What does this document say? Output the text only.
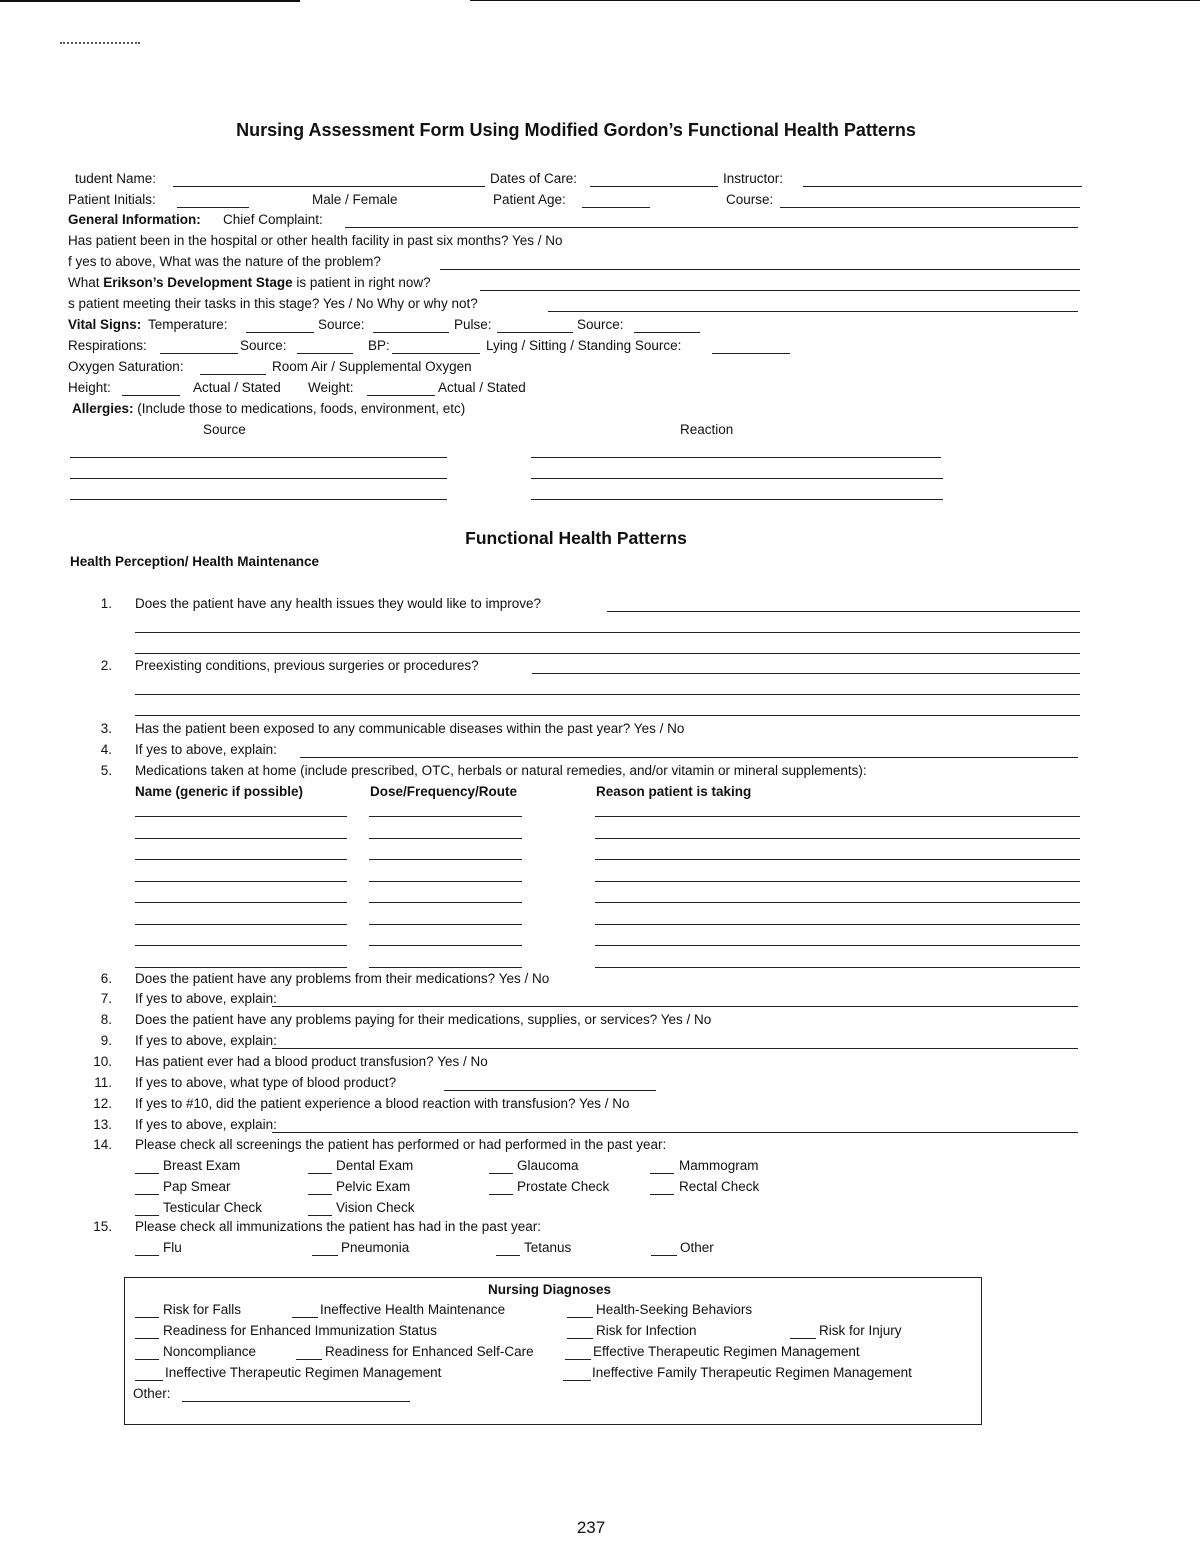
Nursing Assessment Form Using Modified Gordon’s Functional Health Patterns
tudent Name:	Dates of Care:	Instructor:
Patient Initials:	Male / Female	Patient Age:	Course:
General Information: Chief Complaint:
Has patient been in the hospital or other health facility in past six months? Yes / No
f yes to above, What was the nature of the problem?
What Erikson’s Development Stage is patient in right now?
s patient meeting their tasks in this stage? Yes / No Why or why not?
Vital Signs: Temperature:	Source:	Pulse:	Source:
Respirations:	Source:	BP:	Lying / Sitting / Standing Source:
Oxygen Saturation:	Room Air / Supplemental Oxygen
Height:	Actual / Stated Weight:	Actual / Stated
Allergies: (Include those to medications, foods, environment, etc)
Source	Reaction
Functional Health Patterns
Health Perception/ Health Maintenance
1. Does the patient have any health issues they would like to improve?
2. Preexisting conditions, previous surgeries or procedures?
3. Has the patient been exposed to any communicable diseases within the past year? Yes / No
4. If yes to above, explain:
5. Medications taken at home (include prescribed, OTC, herbals or natural remedies, and/or vitamin or mineral supplements):
Name (generic if possible)	Dose/Frequency/Route	Reason patient is taking
6. Does the patient have any problems from their medications? Yes / No
7. If yes to above, explain:
8. Does the patient have any problems paying for their medications, supplies, or services? Yes / No
9. If yes to above, explain:
10. Has patient ever had a blood product transfusion? Yes / No
11. If yes to above, what type of blood product?
12. If yes to #10, did the patient experience a blood reaction with transfusion? Yes / No
13. If yes to above, explain:
14. Please check all screenings the patient has performed or had performed in the past year:
Breast Exam	Dental Exam	Glaucoma	Mammogram
Pap Smear	Pelvic Exam	Prostate Check	Rectal Check
Testicular Check	Vision Check
15. Please check all immunizations the patient has had in the past year:
Flu	Pneumonia	Tetanus	Other
Nursing Diagnoses
Risk for Falls	Ineffective Health Maintenance	Health-Seeking Behaviors
Readiness for Enhanced Immunization Status	Risk for Infection	Risk for Injury
Noncompliance	Readiness for Enhanced Self-Care	Effective Therapeutic Regimen Management
Ineffective Therapeutic Regimen Management	Ineffective Family Therapeutic Regimen Management
Other:
237
